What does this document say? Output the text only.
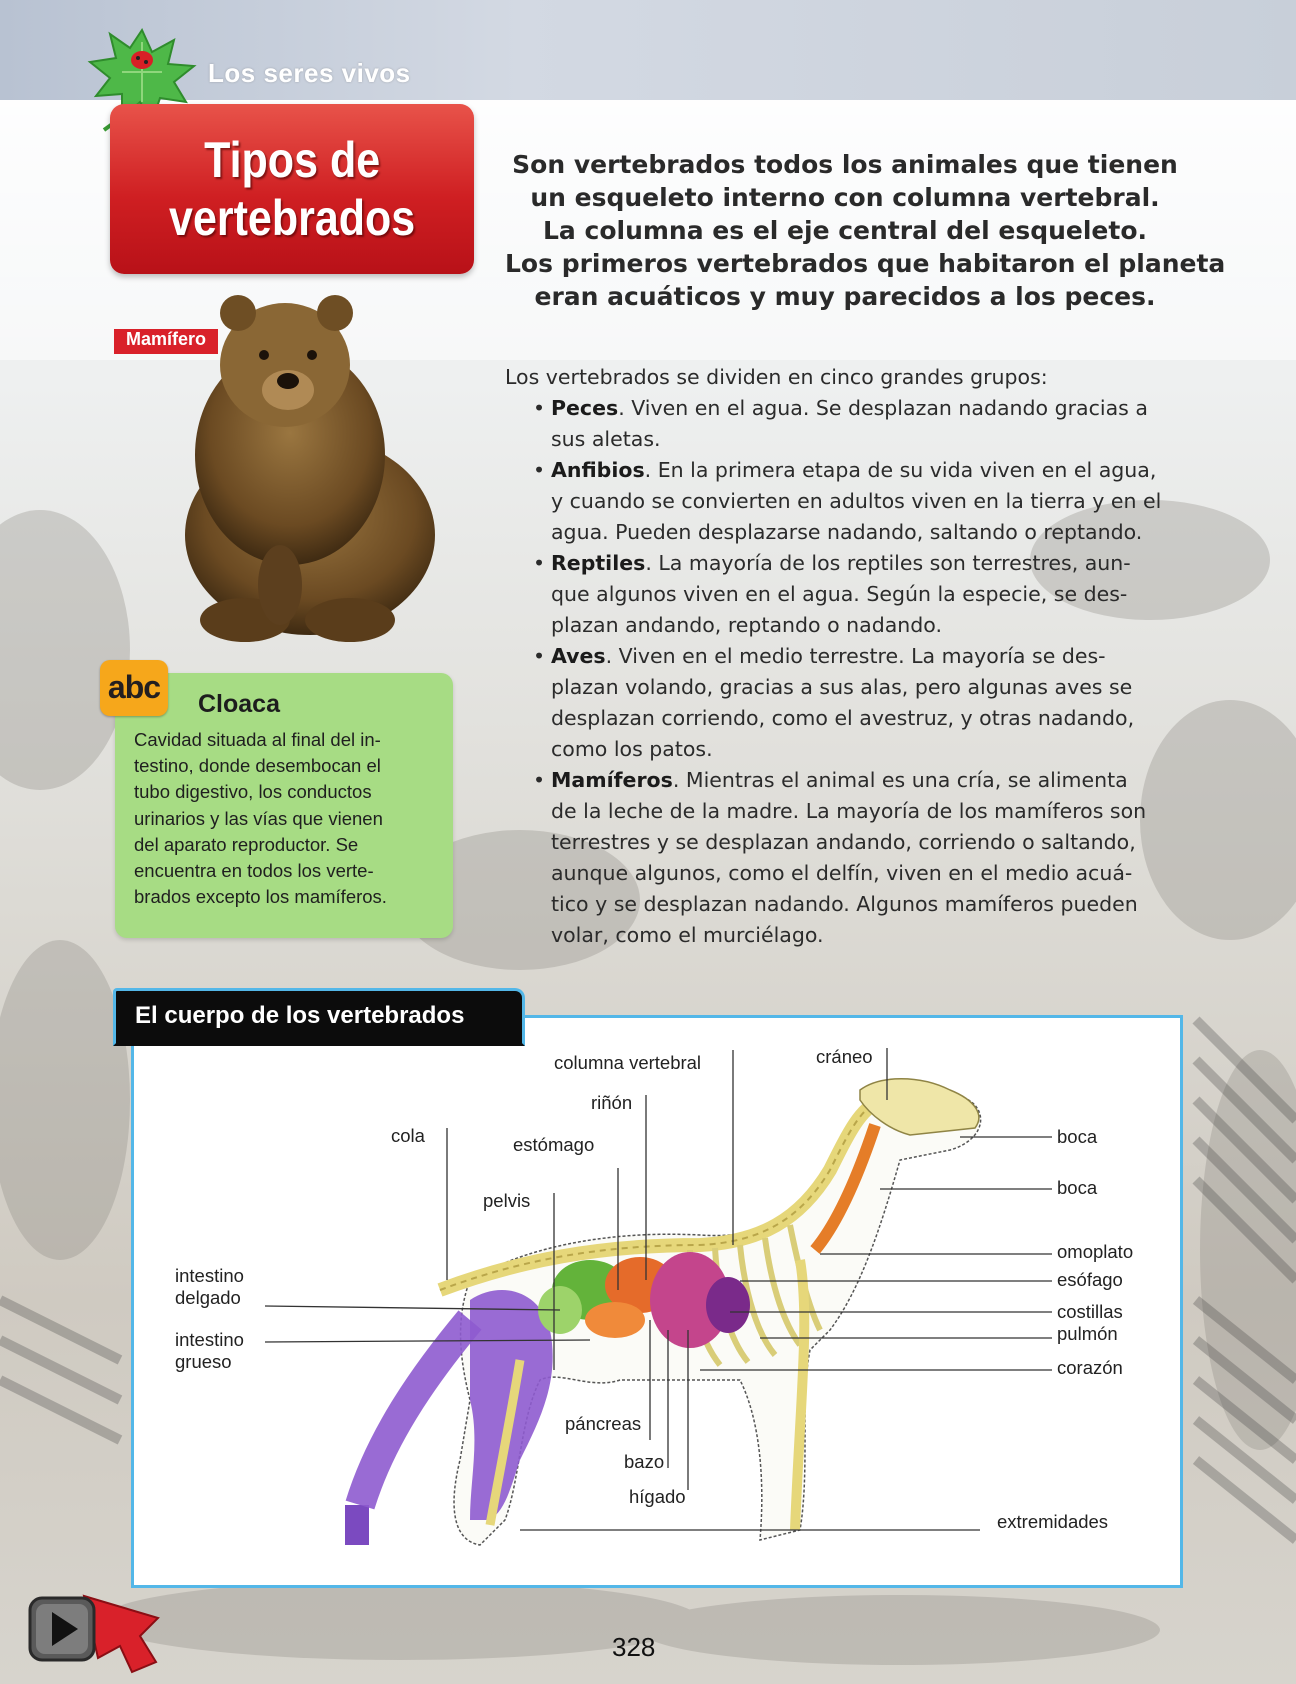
Los seres vivos
Tipos de
vertebrados
Son vertebrados todos los animales que tienen
un esqueleto interno con columna vertebral.
La columna es el eje central del esqueleto.
Los primeros vertebrados que habitaron el planeta
eran acuáticos y muy parecidos a los peces.
Mamífero
abc	Cloaca
Cavidad situada al final del in-
testino, donde desembocan el
tubo digestivo, los conductos
urinarios y las vías que vienen
del aparato reproductor. Se
encuentra en todos los verte-
brados excepto los mamíferos.
Los vertebrados se dividen en cinco grandes grupos:
• Peces. Viven en el agua. Se desplazan nadando gracias a
sus aletas.
• Anfibios. En la primera etapa de su vida viven en el agua,
y cuando se convierten en adultos viven en la tierra y en el
agua. Pueden desplazarse nadando, saltando o reptando.
• Reptiles. La mayoría de los reptiles son terrestres, aun-
que algunos viven en el agua. Según la especie, se des-
plazan andando, reptando o nadando.
• Aves. Viven en el medio terrestre. La mayoría se des-
plazan volando, gracias a sus alas, pero algunas aves se
desplazan corriendo, como el avestruz, y otras nadando,
como los patos.
• Mamíferos. Mientras el animal es una cría, se alimenta
de la leche de la madre. La mayoría de los mamíferos son
terrestres y se desplazan andando, corriendo o saltando,
aunque algunos, como el delfín, viven en el medio acuá-
tico y se desplazan nadando. Algunos mamíferos pueden
volar, como el murciélago.
El cuerpo de los vertebrados
columna vertebral	cráneo
riñón
cola	estómago
pelvis
intestino
delgado
intestino
grueso
boca
boca
omoplato
esófago
costillas
pulmón
corazón
páncreas
bazo
hígado
extremidades
328
